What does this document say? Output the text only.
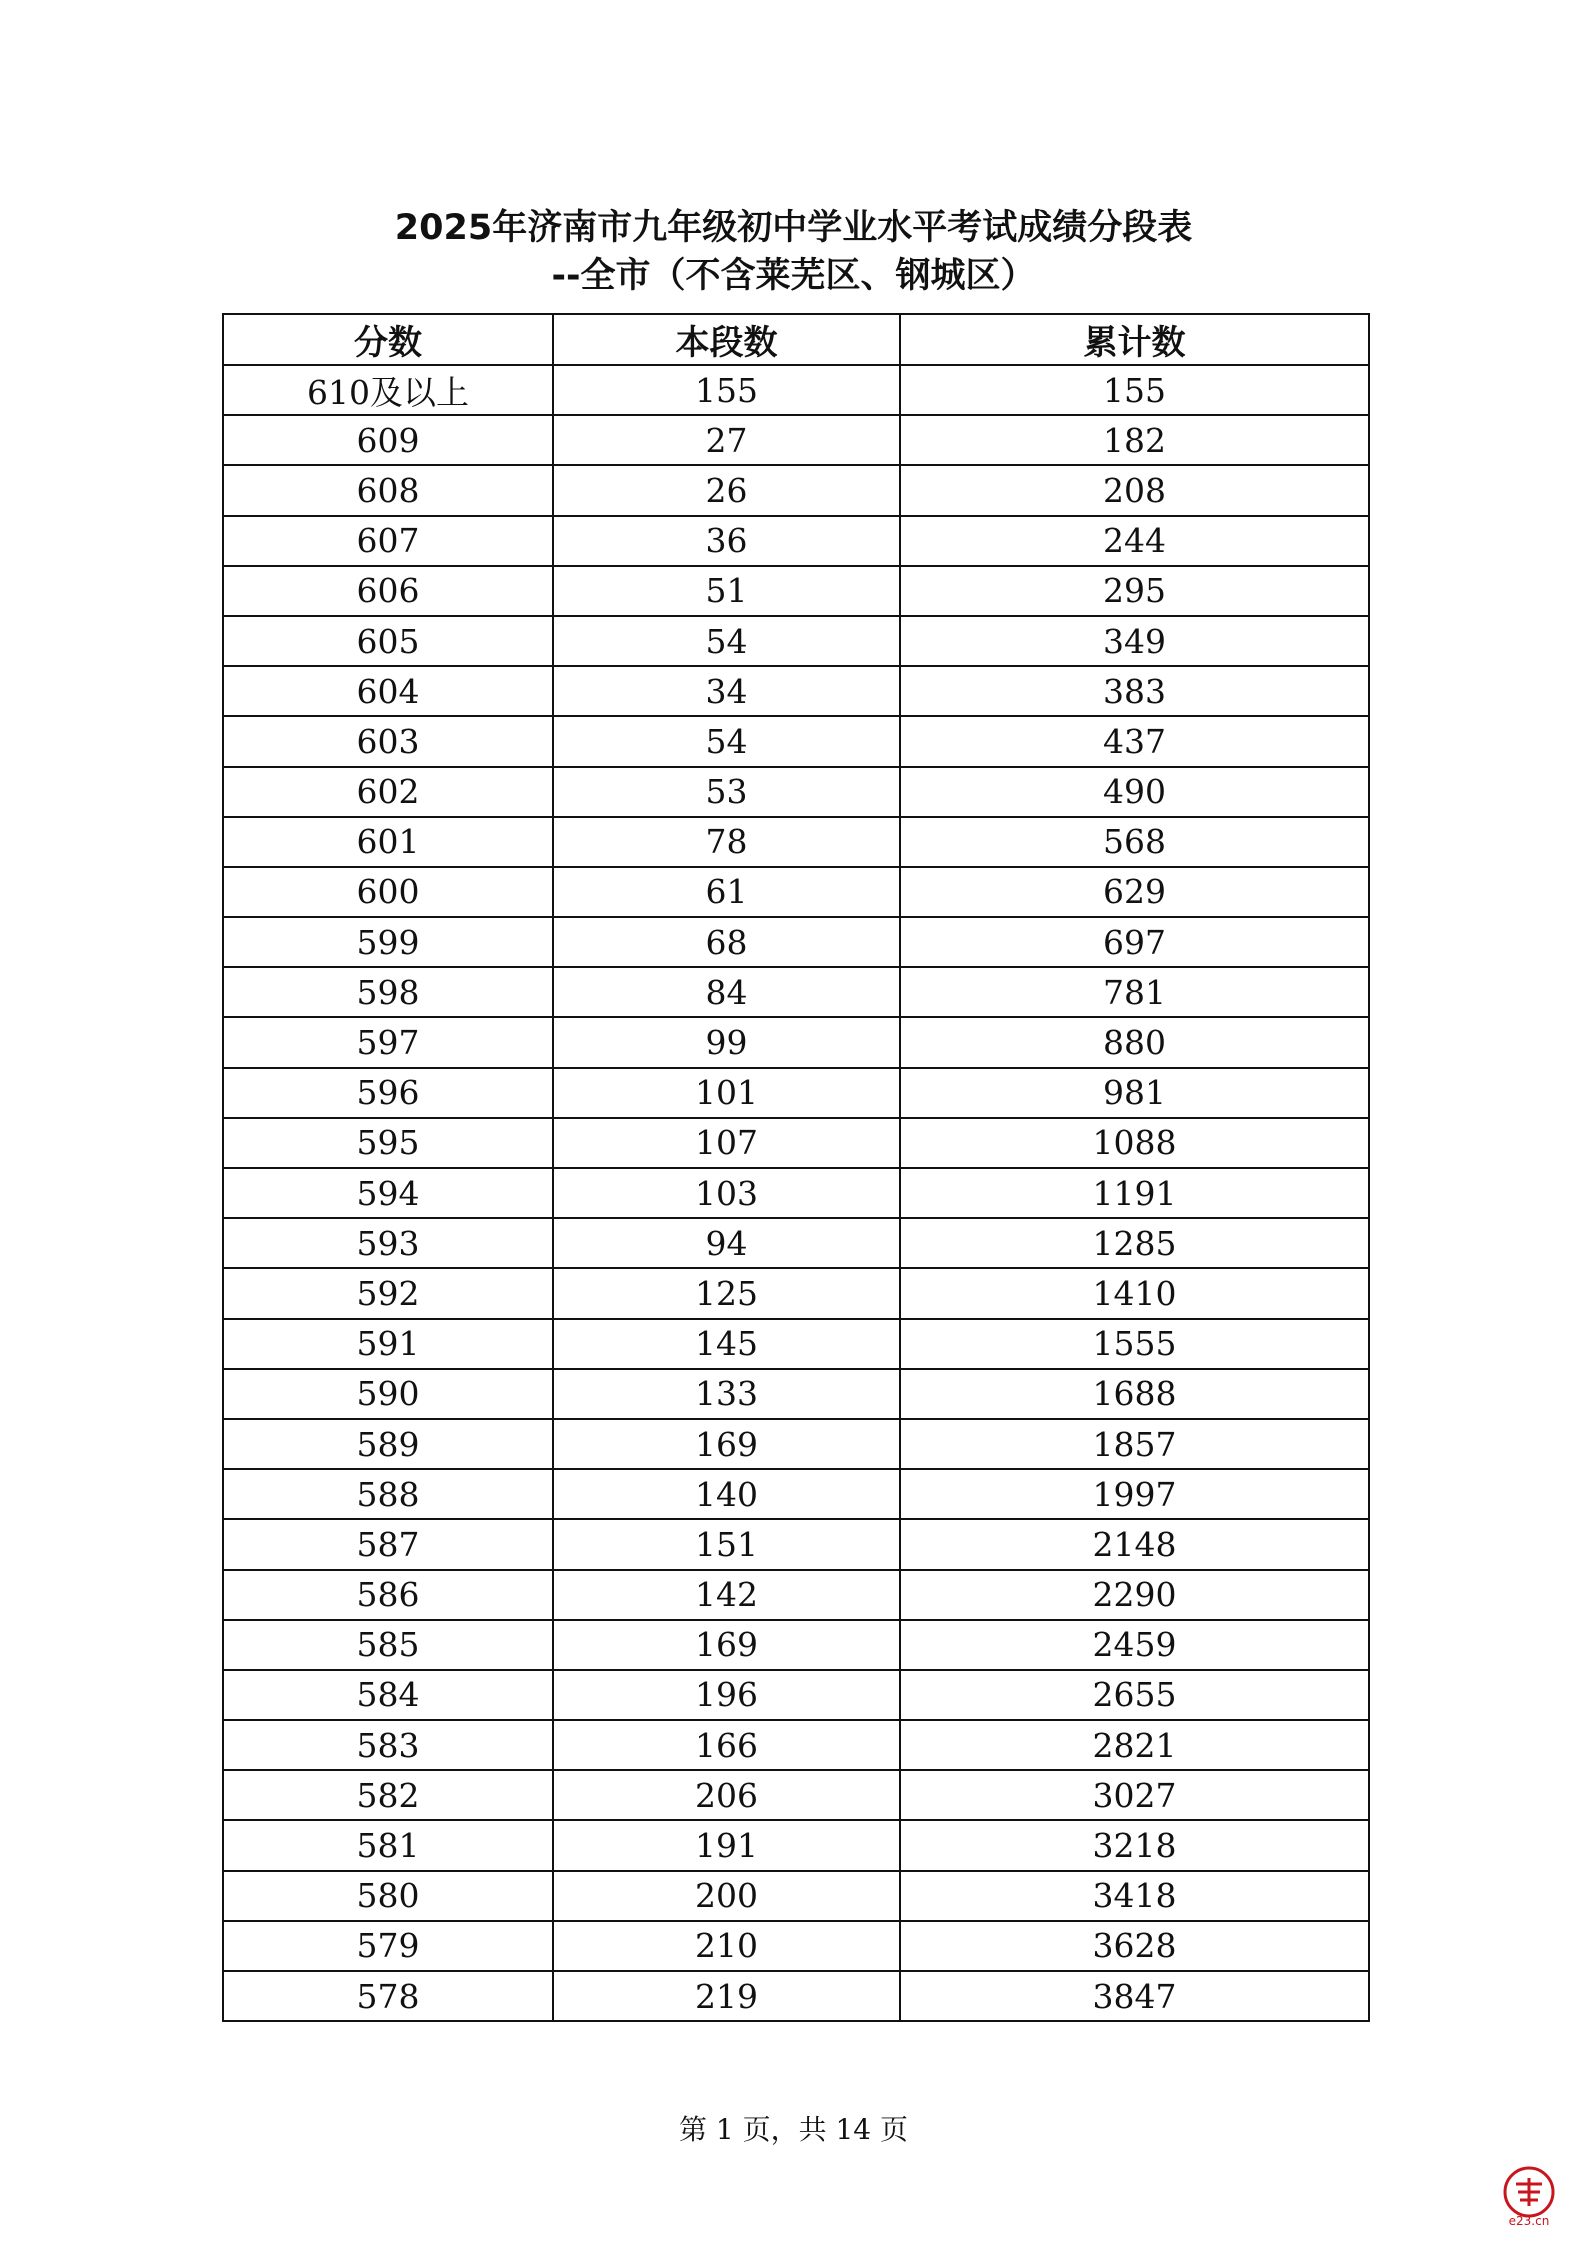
2025年济南市九年级初中学业水平考试成绩分段表
--全市（不含莱芜区、钢城区）
分数	本段数	累计数
610及以上	155	155
609	27	182
608	26	208
607	36	244
606	51	295
605	54	349
604	34	383
603	54	437
602	53	490
601	78	568
600	61	629
599	68	697
598	84	781
597	99	880
596	101	981
595	107	1088
594	103	1191
593	94	1285
592	125	1410
591	145	1555
590	133	1688
589	169	1857
588	140	1997
587	151	2148
586	142	2290
585	169	2459
584	196	2655
583	166	2821
582	206	3027
581	191	3218
580	200	3418
579	210	3628
578	219	3847
第 1 页，共 14 页
e23.cn
